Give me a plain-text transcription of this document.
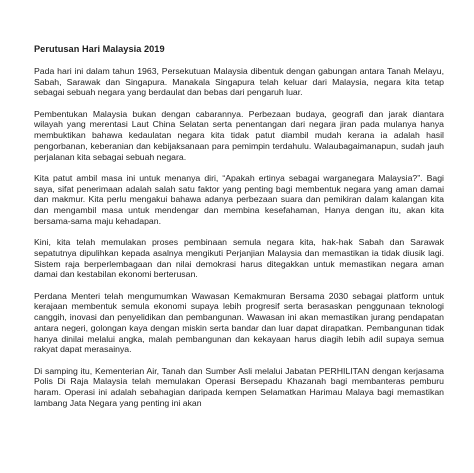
Perutusan Hari Malaysia 2019

Pada hari ini dalam tahun 1963, Persekutuan Malaysia dibentuk dengan gabungan antara Tanah Melayu, Sabah, Sarawak dan Singapura. Manakala Singapura telah keluar dari Malaysia, negara kita tetap sebagai sebuah negara yang berdaulat dan bebas dari pengaruh luar.

Pembentukan Malaysia bukan dengan cabarannya. Perbezaan budaya, geografi dan jarak diantara wilayah yang merentasi Laut China Selatan serta penentangan dari negara jiran pada mulanya hanya membuktikan bahawa kedaulatan negara kita tidak patut diambil mudah kerana ia adalah hasil pengorbanan, keberanian dan kebijaksanaan para pemimpin terdahulu. Walaubagaimanapun, sudah jauh perjalanan kita sebagai sebuah negara.

Kita patut ambil masa ini untuk menanya diri, “Apakah ertinya sebagai warganegara Malaysia?”. Bagi saya, sifat penerimaan adalah salah satu faktor yang penting bagi membentuk negara yang aman damai dan makmur. Kita perlu mengakui bahawa adanya perbezaan suara dan pemikiran dalam kalangan kita dan mengambil masa untuk mendengar dan membina kesefahaman, Hanya dengan itu, akan kita bersama-sama maju kehadapan.

Kini, kita telah memulakan proses pembinaan semula negara kita, hak-hak Sabah dan Sarawak sepatutnya dipulihkan kepada asalnya mengikuti Perjanjian Malaysia dan memastikan ia tidak diusik lagi. Sistem raja berperlembagaan dan nilai demokrasi harus ditegakkan untuk memastikan negara aman damai dan kestabilan ekonomi berterusan.

Perdana Menteri telah mengumumkan Wawasan Kemakmuran Bersama 2030 sebagai platform untuk kerajaan membentuk semula ekonomi supaya lebih progresif serta berasaskan penggunaan teknologi canggih, inovasi dan penyelidikan dan pembangunan. Wawasan ini akan memastikan jurang pendapatan antara negeri, golongan kaya dengan miskin serta bandar dan luar dapat dirapatkan. Pembangunan tidak hanya dinilai melalui angka, malah pembangunan dan kekayaan harus diagih lebih adil supaya semua rakyat dapat merasainya.

Di samping itu, Kementerian Air, Tanah dan Sumber Asli melalui Jabatan PERHILITAN dengan kerjasama Polis Di Raja Malaysia telah memulakan Operasi Bersepadu Khazanah bagi membanteras pemburu haram. Operasi ini adalah sebahagian daripada kempen Selamatkan Harimau Malaya bagi memastikan lambang Jata Negara yang penting ini akan
